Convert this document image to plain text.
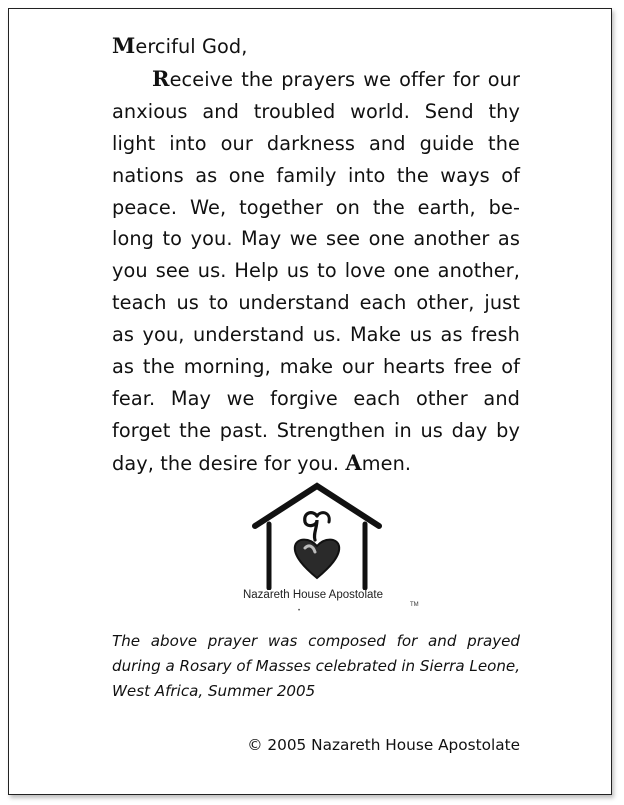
Merciful God,

Receive the prayers we offer for our anxious and troubled world. Send thy light into our darkness and guide the nations as one family into the ways of peace. We, together on the earth, be- long to you. May we see one another as you see us. Help us to love one another, teach us to understand each other, just as you, understand us. Make us as fresh as the morning, make our hearts free of fear. May we forgive each other and forget the past. Strengthen in us day by day, the desire for you. Amen.

Nazareth House Apostolate
TM
•

The above prayer was composed for and prayed during a Rosary of Masses celebrated in Sierra Leone, West Africa, Summer 2005

© 2005 Nazareth House Apostolate
